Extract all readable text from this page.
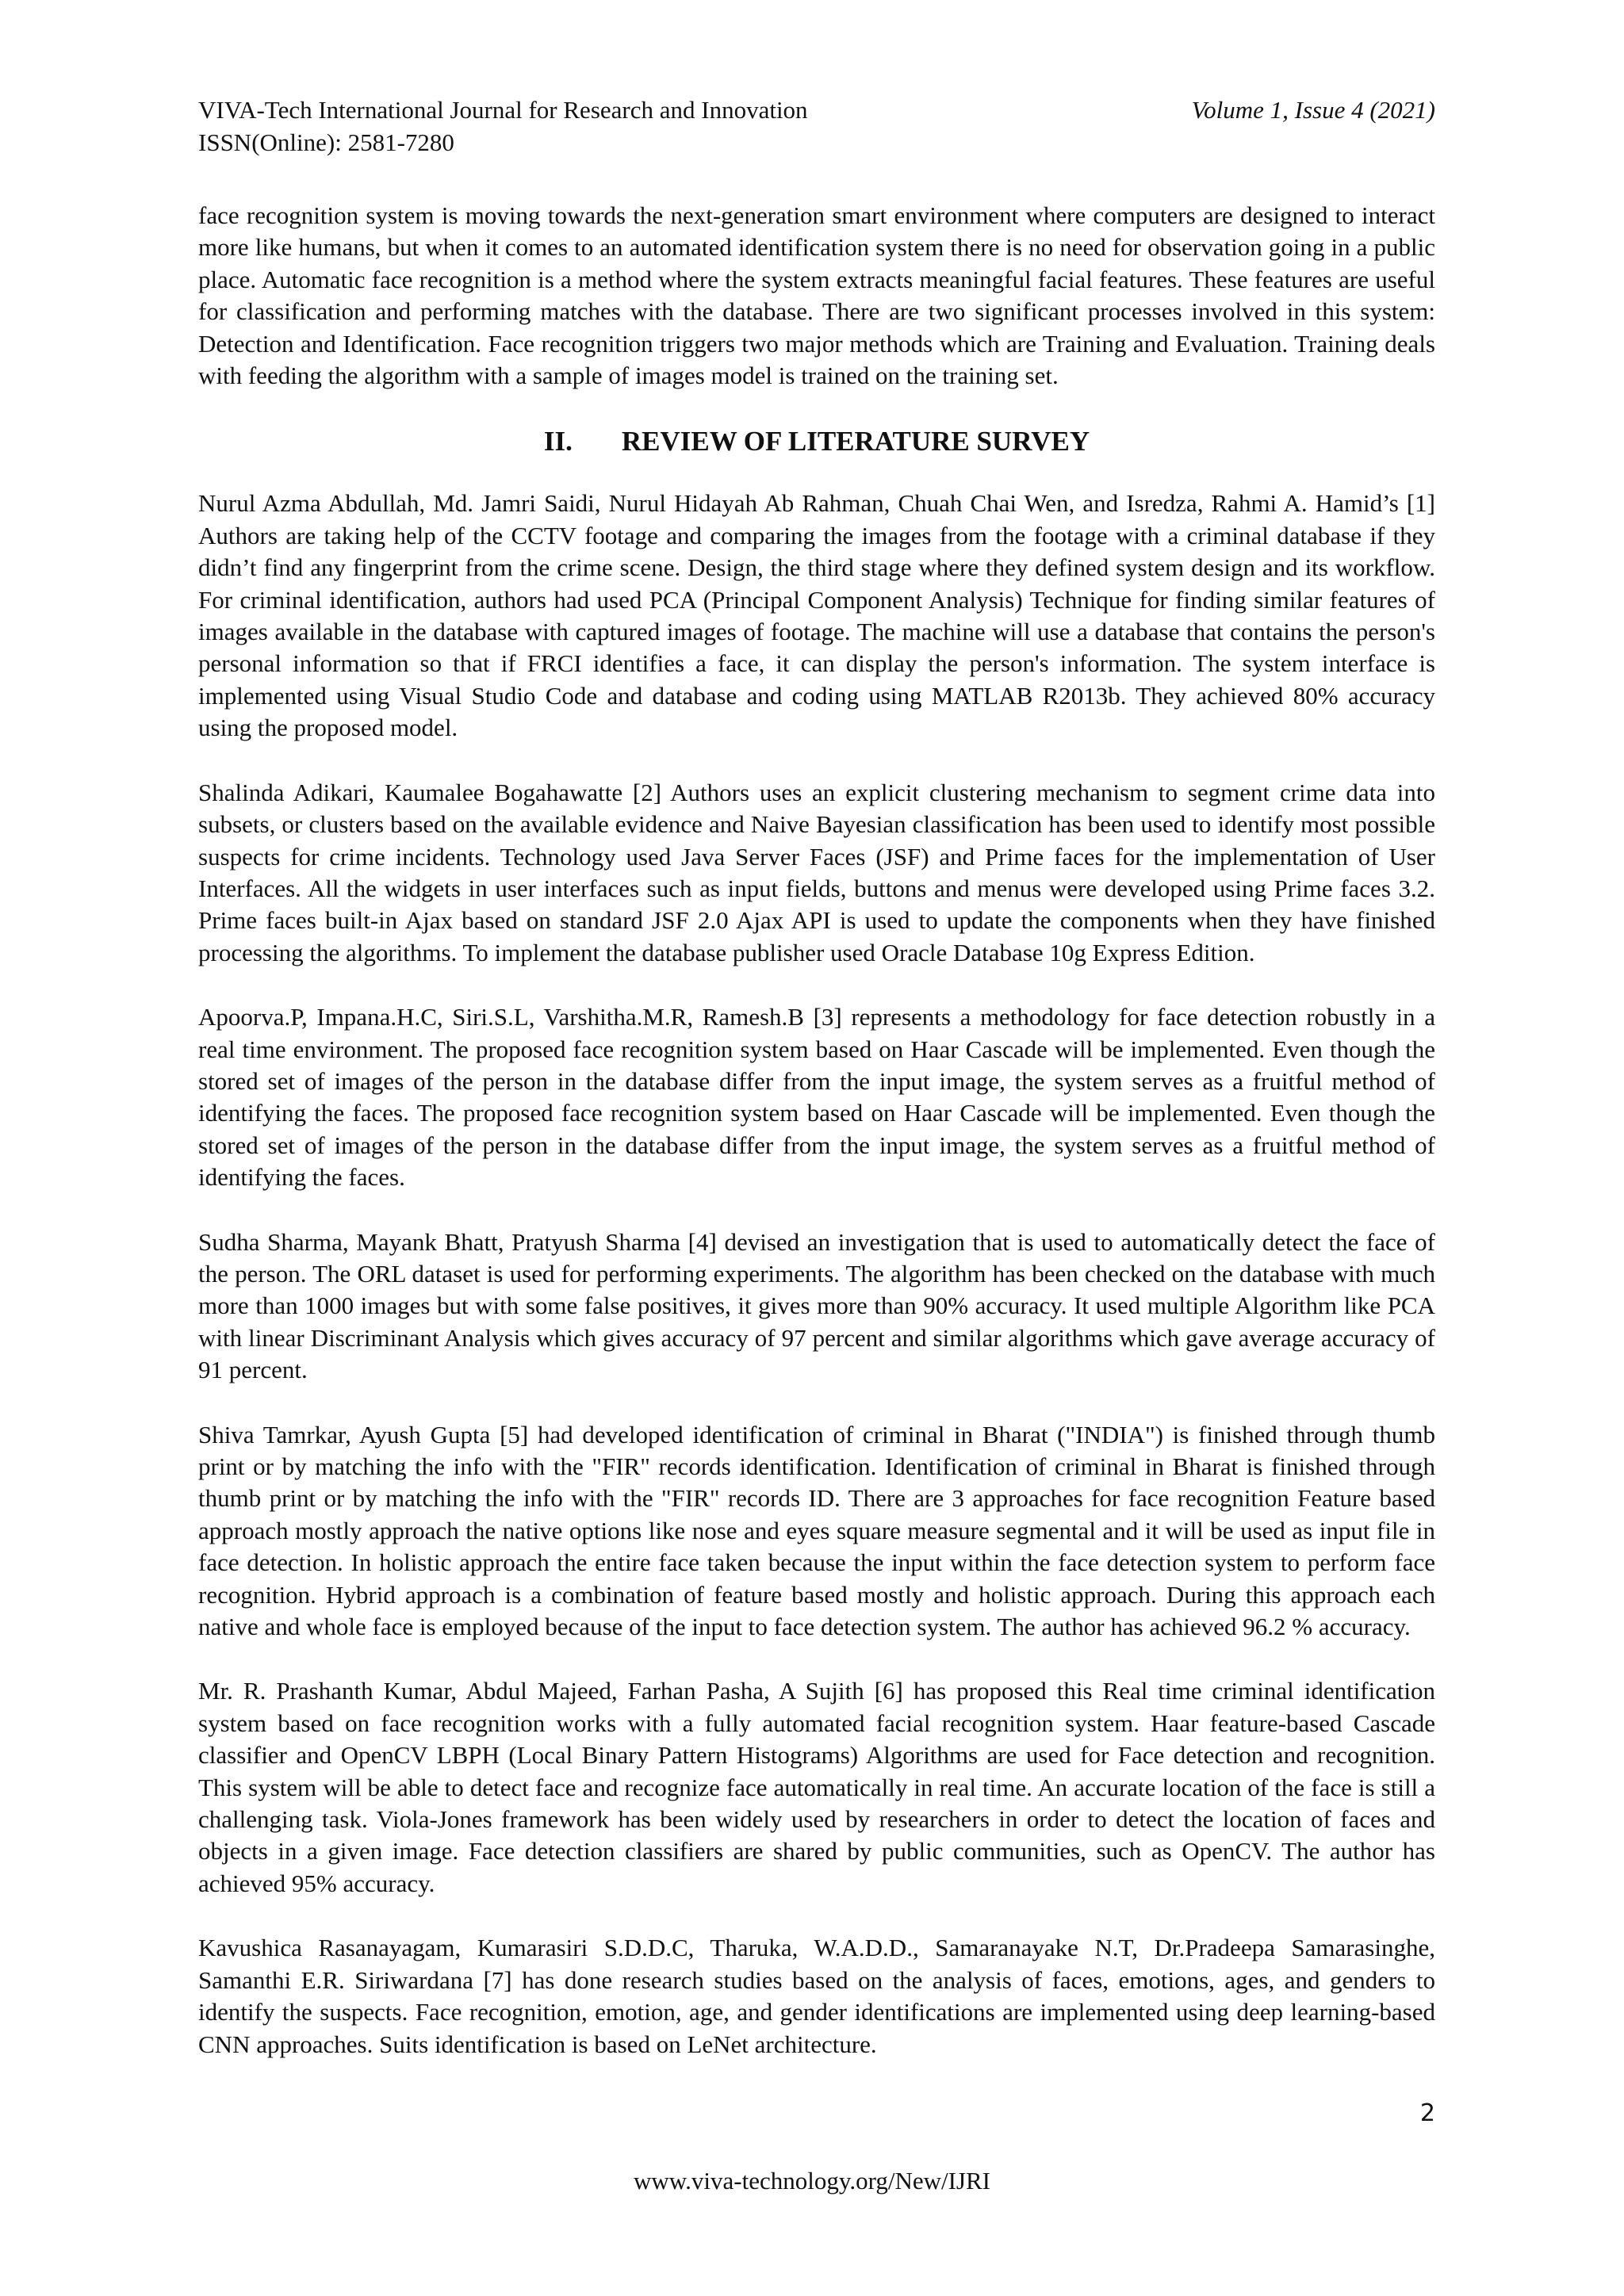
VIVA-Tech International Journal for Research and Innovation	Volume 1, Issue 4 (2021)
ISSN(Online): 2581-7280

face recognition system is moving towards the next-generation smart environment where computers are designed to interact more like humans, but when it comes to an automated identification system there is no need for observation going in a public place. Automatic face recognition is a method where the system extracts meaningful facial features. These features are useful for classification and performing matches with the database. There are two significant processes involved in this system: Detection and Identification. Face recognition triggers two major methods which are Training and Evaluation. Training deals with feeding the algorithm with a sample of images model is trained on the training set.

II. REVIEW OF LITERATURE SURVEY

Nurul Azma Abdullah, Md. Jamri Saidi, Nurul Hidayah Ab Rahman, Chuah Chai Wen, and Isredza, Rahmi A. Hamid’s [1] Authors are taking help of the CCTV footage and comparing the images from the footage with a criminal database if they didn’t find any fingerprint from the crime scene. Design, the third stage where they defined system design and its workflow. For criminal identification, authors had used PCA (Principal Component Analysis) Technique for finding similar features of images available in the database with captured images of footage. The machine will use a database that contains the person's personal information so that if FRCI identifies a face, it can display the person's information. The system interface is implemented using Visual Studio Code and database and coding using MATLAB R2013b. They achieved 80% accuracy using the proposed model.

Shalinda Adikari, Kaumalee Bogahawatte [2] Authors uses an explicit clustering mechanism to segment crime data into subsets, or clusters based on the available evidence and Naive Bayesian classification has been used to identify most possible suspects for crime incidents. Technology used Java Server Faces (JSF) and Prime faces for the implementation of User Interfaces. All the widgets in user interfaces such as input fields, buttons and menus were developed using Prime faces 3.2. Prime faces built-in Ajax based on standard JSF 2.0 Ajax API is used to update the components when they have finished processing the algorithms. To implement the database publisher used Oracle Database 10g Express Edition.

Apoorva.P, Impana.H.C, Siri.S.L, Varshitha.M.R, Ramesh.B [3] represents a methodology for face detection robustly in a real time environment. The proposed face recognition system based on Haar Cascade will be implemented. Even though the stored set of images of the person in the database differ from the input image, the system serves as a fruitful method of identifying the faces. The proposed face recognition system based on Haar Cascade will be implemented. Even though the stored set of images of the person in the database differ from the input image, the system serves as a fruitful method of identifying the faces.

Sudha Sharma, Mayank Bhatt, Pratyush Sharma [4] devised an investigation that is used to automatically detect the face of the person. The ORL dataset is used for performing experiments. The algorithm has been checked on the database with much more than 1000 images but with some false positives, it gives more than 90% accuracy. It used multiple Algorithm like PCA with linear Discriminant Analysis which gives accuracy of 97 percent and similar algorithms which gave average accuracy of 91 percent.

Shiva Tamrkar, Ayush Gupta [5] had developed identification of criminal in Bharat ("INDIA") is finished through thumb print or by matching the info with the "FIR" records identification. Identification of criminal in Bharat is finished through thumb print or by matching the info with the "FIR" records ID. There are 3 approaches for face recognition Feature based approach mostly approach the native options like nose and eyes square measure segmental and it will be used as input file in face detection. In holistic approach the entire face taken because the input within the face detection system to perform face recognition. Hybrid approach is a combination of feature based mostly and holistic approach. During this approach each native and whole face is employed because of the input to face detection system. The author has achieved 96.2 % accuracy.

Mr. R. Prashanth Kumar, Abdul Majeed, Farhan Pasha, A Sujith [6] has proposed this Real time criminal identification system based on face recognition works with a fully automated facial recognition system. Haar feature-based Cascade classifier and OpenCV LBPH (Local Binary Pattern Histograms) Algorithms are used for Face detection and recognition. This system will be able to detect face and recognize face automatically in real time. An accurate location of the face is still a challenging task. Viola-Jones framework has been widely used by researchers in order to detect the location of faces and objects in a given image. Face detection classifiers are shared by public communities, such as OpenCV. The author has achieved 95% accuracy.

Kavushica Rasanayagam, Kumarasiri S.D.D.C, Tharuka, W.A.D.D., Samaranayake N.T, Dr.Pradeepa Samarasinghe, Samanthi E.R. Siriwardana [7] has done research studies based on the analysis of faces, emotions, ages, and genders to identify the suspects. Face recognition, emotion, age, and gender identifications are implemented using deep learning-based CNN approaches. Suits identification is based on LeNet architecture.

2
www.viva-technology.org/New/IJRI
